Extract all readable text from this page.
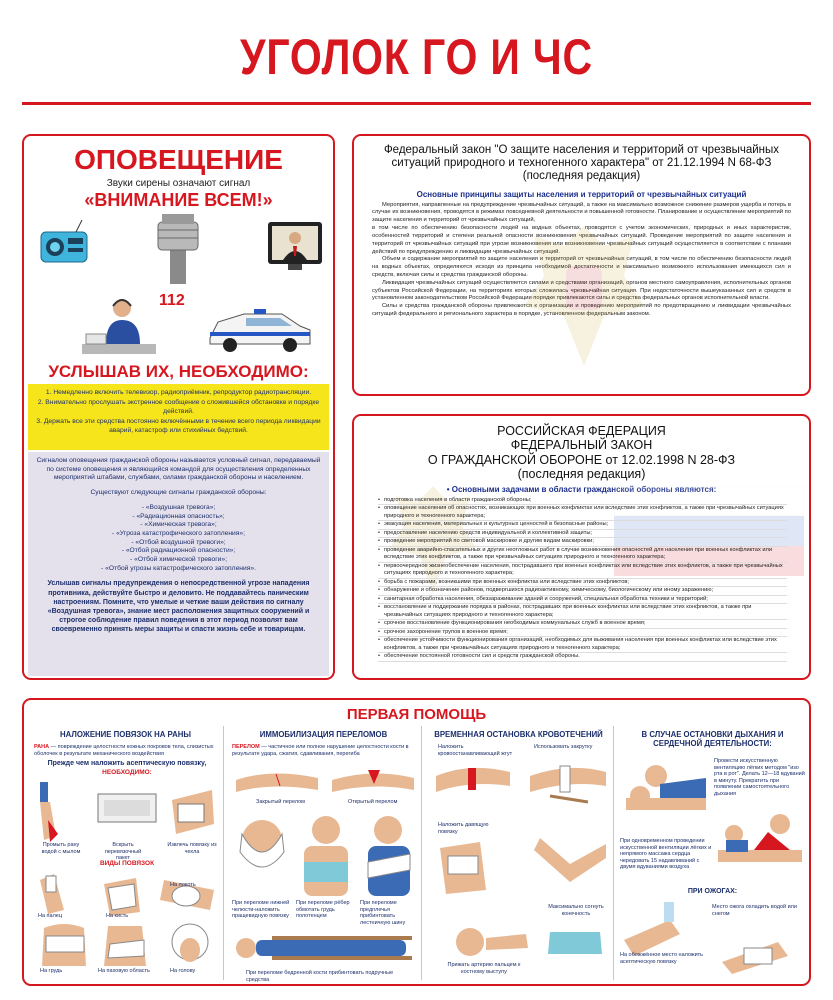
УГОЛОК ГО И ЧС
ОПОВЕЩЕНИЕ
Звуки сирены означают сигнал
«ВНИМАНИЕ ВСЕМ!»
112
УСЛЫШАВ ИХ, НЕОБХОДИМО:

1. Немедленно включить телевизор, радиоприёмник, репродуктор радиотрансляции.

2. Внимательно прослушать экстренное сообщение о сложившейся обстановке и порядке действий.

3. Держать все эти средства постоянно включёнными в течение всего периода ликвидации аварий, катастроф или стихийных бедствий.

Сигналом оповещения гражданской обороны называется условный сигнал, передаваемый по системе оповещения и являющийся командой для осуществления определенных мероприятий штабами, службами, силами гражданской обороны и населением.

Существуют следующие сигналы гражданской обороны:

- «Воздушная тревога»;

- «Радиационная опасность»;

- «Химическая тревога»;

- «Угроза катастрофического затопления»;

- «Отбой воздушной тревоги»;

- «Отбой радиационной опасности»;

- «Отбой химической тревоги»;

- «Отбой угрозы катастрофического затопления».

Услышав сигналы предупреждения о непосредственной угрозе нападения противника, действуйте быстро и деловито. Не поддавайтесь паническим настроениям. Помните, что умелые и четкие ваши действия по сигналу «Воздушная тревога», знание мест расположения защитных сооружений и строгое соблюдение правил поведения в этот период позволят вам своевременно принять меры защиты и спасти жизнь себе и товарищам.

Федеральный закон "О защите населения и территорий от чрезвычайных ситуаций природного и техногенного характера" от 21.12.1994 N 68-ФЗ (последняя редакция)
Основные принципы защиты населения и территорий от чрезвычайных ситуаций

Мероприятия, направленные на предупреждение чрезвычайных ситуаций, а также на максимально возможное снижение размеров ущерба и потерь в случае их возникновения, проводятся в режимах повседневной деятельности и повышенной готовности. Планирование и осуществление мероприятий по защите населения и территорий от чрезвычайных ситуаций,

в том числе по обеспечению безопасности людей на водных объектах, проводятся с учетом экономических, природных и иных характеристик, особенностей территорий и степени реальной опасности возникновения чрезвычайных ситуаций. Проведение мероприятий по защите населения и территорий от чрезвычайных ситуаций при угрозе возникновения или возникновении чрезвычайных ситуаций осуществляется в соответствии с планами действий по предупреждению и ликвидации чрезвычайных ситуаций.

Объем и содержание мероприятий по защите населения и территорий от чрезвычайных ситуаций, в том числе по обеспечению безопасности людей на водных объектах, определяются исходя из принципа необходимой достаточности и максимально возможного использования имеющихся сил и средств, включая силы и средства гражданской обороны.

Ликвидация чрезвычайных ситуаций осуществляется силами и средствами организаций, органов местного самоуправления, исполнительных органов субъектов Российской Федерации, на территориях которых сложилась чрезвычайная ситуация. При недостаточности вышеуказанных сил и средств в установленном законодательством Российской Федерации порядке привлекаются силы и средства федеральных органов исполнительной власти.

Силы и средства гражданской обороны привлекаются к организации и проведению мероприятий по предотвращению и ликвидации чрезвычайных ситуаций федерального и регионального характера в порядке, установленном федеральным законом.

РОССИЙСКАЯ ФЕДЕРАЦИЯ
ФЕДЕРАЛЬНЫЙ ЗАКОН
О ГРАЖДАНСКОЙ ОБОРОНЕ от 12.02.1998 N 28-ФЗ
(последняя редакция)
• Основными задачами в области гражданской обороны являются:
• подготовка населения в области гражданской обороны;
• оповещение населения об опасностях, возникающих при военных конфликтах или вследствие этих конфликтов, а также при чрезвычайных ситуациях природного и техногенного характера;
• эвакуация населения, материальных и культурных ценностей в безопасные районы;
• предоставление населению средств индивидуальной и коллективной защиты;
• проведение мероприятий по световой маскировке и другим видам маскировки;
• проведение аварийно-спасательных и других неотложных работ в случае возникновения опасностей для населения при военных конфликтах или вследствие этих конфликтов, а также при чрезвычайных ситуациях природного и техногенного характера;
• первоочередное жизнеобеспечение населения, пострадавшего при военных конфликтах или вследствие этих конфликтов, а также при чрезвычайных ситуациях природного и техногенного характера;
• борьба с пожарами, возникшими при военных конфликтах или вследствие этих конфликтов;
• обнаружение и обозначение районов, подвергшихся радиоактивному, химическому, биологическому или иному заражению;
• санитарная обработка населения, обеззараживание зданий и сооружений, специальная обработка техники и территорий;
• восстановление и поддержание порядка в районах, пострадавших при военных конфликтах или вследствие этих конфликтов, а также при чрезвычайных ситуациях природного и техногенного характера;
• срочное восстановление функционирования необходимых коммунальных служб в военное время;
• срочное захоронение трупов в военное время;
• обеспечение устойчивости функционирования организаций, необходимых для выживания населения при военных конфликтах или вследствие этих конфликтов, а также при чрезвычайных ситуациях природного и техногенного характера;
• обеспечение постоянной готовности сил и средств гражданской обороны.
ПЕРВАЯ ПОМОЩЬ
НАЛОЖЕНИЕ ПОВЯЗОК НА РАНЫ
РАНА — повреждение целостности кожных покровов тела, слизистых оболочек в результате механического воздействия
Прежде чем наложить асептическую повязку,
НЕОБХОДИМО:
Промыть рану водой с мылом
Вскрыть перевязочный пакет
Извлечь повязку из чехла
ВИДЫ ПОВЯЗОК
На палец	На кисть
На локоть
На грудь	На паховую область	На голову
ИММОБИЛИЗАЦИЯ ПЕРЕЛОМОВ
ПЕРЕЛОМ — частичное или полное нарушение целостности кости в результате удара, сжатия, сдавливания, перегиба
Закрытый перелом	Открытый перелом
При переломе нижней челюсти-наложить пращевидную повязку
При переломе рёбер обмотать грудь полотенцем
При переломе предплечья прибинтовать лестничную шину
При переломе бедренной кости прибинтовать подручные средства
ВРЕМЕННАЯ ОСТАНОВКА КРОВОТЕЧЕНИЙ
Наложить кровоостанавливающий жгут
Использовать закрутку
Наложить давящую повязку
Максимально согнуть конечность
Прижать артерию пальцем к костному выступу
В СЛУЧАЕ ОСТАНОВКИ ДЫХАНИЯ И СЕРДЕЧНОЙ ДЕЯТЕЛЬНОСТИ:
Провести искусственную вентиляцию лёгких методом "изо рта в рот". Делать 12—18 вдуваний в минуту. Прекратить при появлении самостоятельного дыхания
При одновременном проведении искусственной вентиляции лёгких и непрямого массажа сердца чередовать 15 надавливаний с двумя вдуваниями воздуха
ПРИ ОЖОГАХ:
Место ожога охладить водой или снегом
На обожжённое место наложить асептическую повязку
